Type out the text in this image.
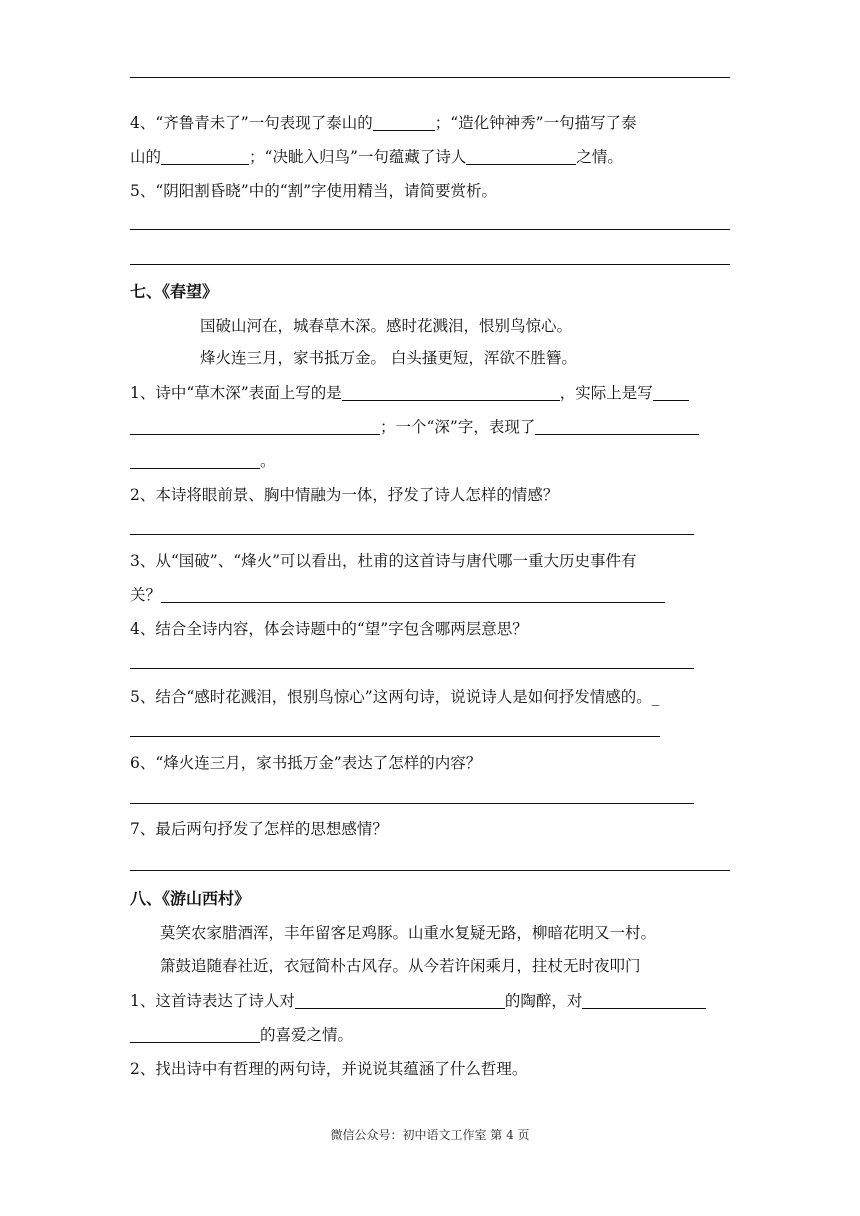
4、“齐鲁青未了”一句表现了泰山的	；“造化钟神秀”一句描写了泰
山的	；“决眦入归鸟”一句蕴藏了诗人	之情。
5、“阴阳割昏晓”中的“割”字使用精当，请简要赏析。
七、《春望》
国破山河在，城春草木深。感时花溅泪，恨别鸟惊心。
烽火连三月，家书抵万金。 白头搔更短，浑欲不胜簪。
1、诗中“草木深”表面上写的是	，实际上是写
；一个“深”字，表现了
。
2、本诗将眼前景、胸中情融为一体，抒发了诗人怎样的情感？
3、从“国破”、“烽火”可以看出，杜甫的这首诗与唐代哪一重大历史事件有
关？
4、结合全诗内容，体会诗题中的“望”字包含哪两层意思？
5、结合“感时花溅泪，恨别鸟惊心”这两句诗，说说诗人是如何抒发情感的。_
6、“烽火连三月，家书抵万金”表达了怎样的内容？
7、最后两句抒发了怎样的思想感情？
八、《游山西村》
莫笑农家腊酒浑，丰年留客足鸡豚。山重水复疑无路，柳暗花明又一村。
箫鼓追随春社近，衣冠简朴古风存。从今若许闲乘月，拄杖无时夜叩门
1、这首诗表达了诗人对	的陶醉，对
的喜爱之情。
2、找出诗中有哲理的两句诗，并说说其蕴涵了什么哲理。
微信公众号：初中语文工作室 第 4 页
